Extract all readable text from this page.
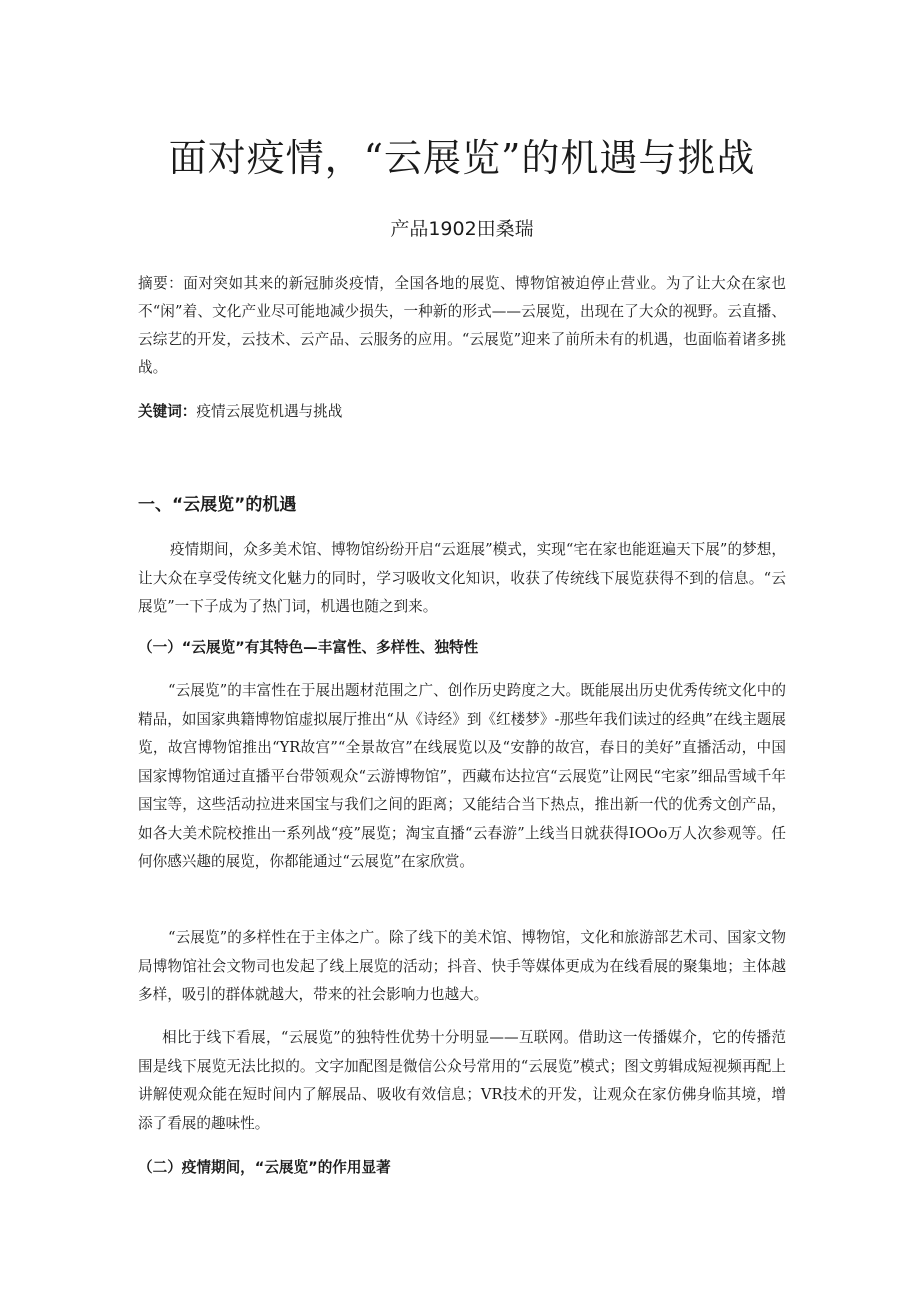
面对疫情，“云展览”的机遇与挑战
产品1902田桑瑞

摘要：面对突如其来的新冠肺炎疫情，全国各地的展览、博物馆被迫停止营业。为了让大众在家也不“闲”着、文化产业尽可能地减少损失，一种新的形式——云展览，出现在了大众的视野。云直播、云综艺的开发，云技术、云产品、云服务的应用。“云展览”迎来了前所未有的机遇，也面临着诸多挑战。

关键词：疫情云展览机遇与挑战
一、“云展览”的机遇

疫情期间，众多美术馆、博物馆纷纷开启“云逛展”模式，实现“宅在家也能逛遍天下展”的梦想，让大众在享受传统文化魅力的同时，学习吸收文化知识，收获了传统线下展览获得不到的信息。“云展览”一下子成为了热门词，机遇也随之到来。

（一）“云展览”有其特色—丰富性、多样性、独特性

“云展览”的丰富性在于展出题材范围之广、创作历史跨度之大。既能展出历史优秀传统文化中的精品，如国家典籍博物馆虚拟展厅推出“从《诗经》到《红楼梦》-那些年我们读过的经典”在线主题展览，故宫博物馆推出“YR故宫”“全景故宫”在线展览以及“安静的故宫，春日的美好”直播活动，中国国家博物馆通过直播平台带领观众“云游博物馆”，西藏布达拉宫“云展览”让网民“宅家”细品雪域千年国宝等，这些活动拉进来国宝与我们之间的距离；又能结合当下热点，推出新一代的优秀文创产品，如各大美术院校推出一系列战“疫”展览；淘宝直播“云春游”上线当日就获得IOOo万人次参观等。任何你感兴趣的展览，你都能通过“云展览”在家欣赏。

“云展览”的多样性在于主体之广。除了线下的美术馆、博物馆，文化和旅游部艺术司、国家文物局博物馆社会文物司也发起了线上展览的活动；抖音、快手等媒体更成为在线看展的聚集地；主体越多样，吸引的群体就越大，带来的社会影响力也越大。

相比于线下看展，“云展览”的独特性优势十分明显——互联网。借助这一传播媒介，它的传播范围是线下展览无法比拟的。文字加配图是微信公众号常用的“云展览”模式；图文剪辑成短视频再配上讲解使观众能在短时间内了解展品、吸收有效信息；VR技术的开发，让观众在家仿佛身临其境，增添了看展的趣味性。

（二）疫情期间，“云展览”的作用显著
